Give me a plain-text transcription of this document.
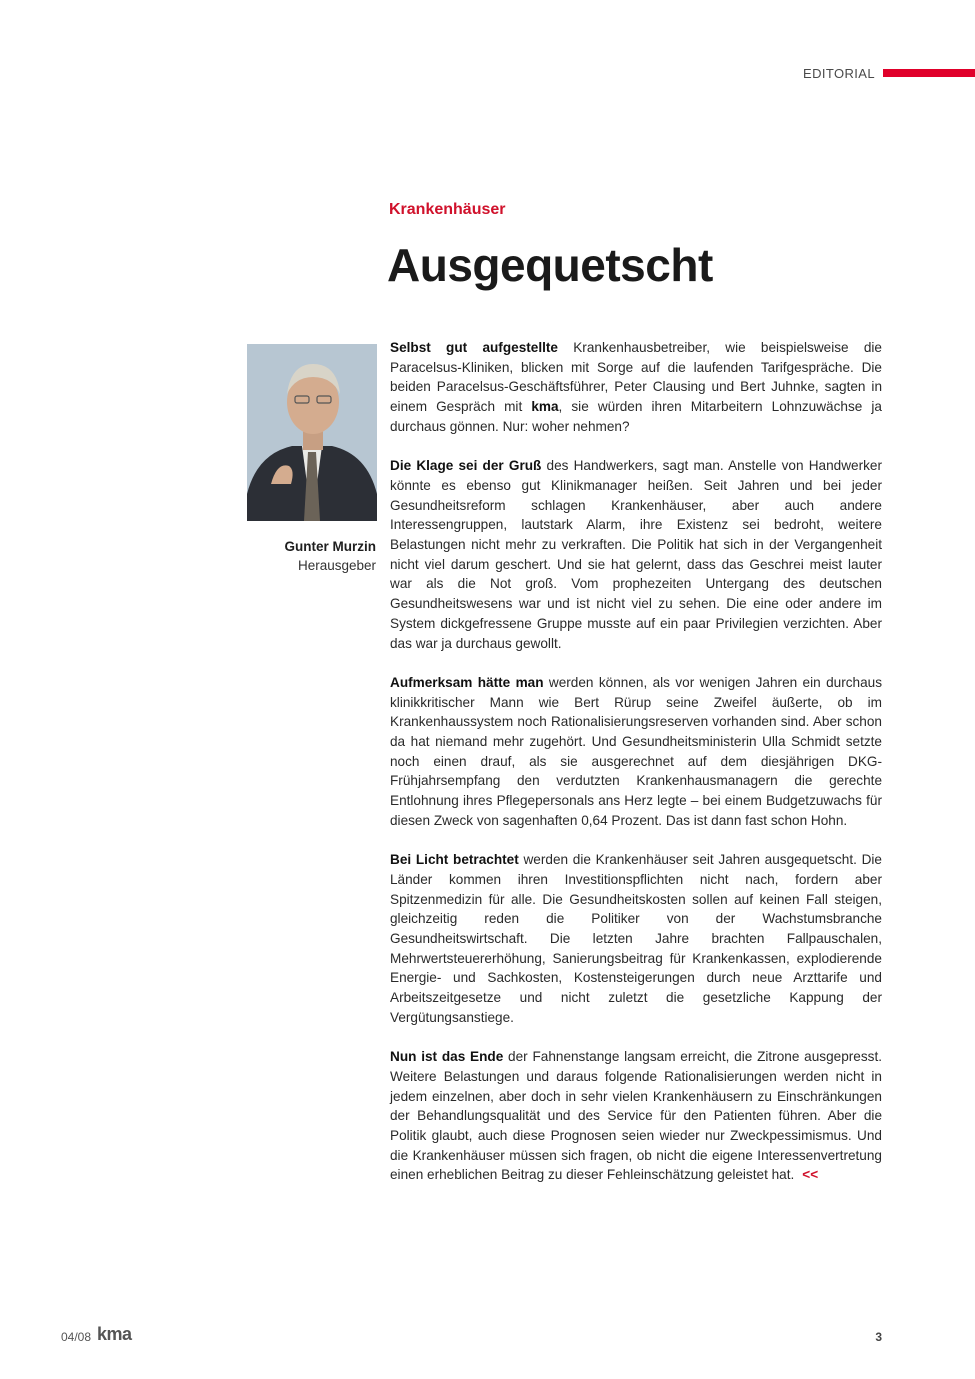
EDITORIAL
Krankenhäuser
Ausgequetscht
Gunter Murzin
Herausgeber

Selbst gut aufgestellte Krankenhausbetreiber, wie beispielsweise die Paracelsus-Kliniken, blicken mit Sorge auf die laufenden Tarifgespräche. Die beiden Paracelsus-Geschäftsführer, Peter Clausing und Bert Juhnke, sagten in einem Gespräch mit kma, sie würden ihren Mitarbeitern Lohnzuwächse ja durchaus gönnen. Nur: woher nehmen?

Die Klage sei der Gruß des Handwerkers, sagt man. Anstelle von Handwerker könnte es ebenso gut Klinikmanager heißen. Seit Jahren und bei jeder Gesundheitsreform schlagen Krankenhäuser, aber auch andere Interessengruppen, lautstark Alarm, ihre Existenz sei bedroht, weitere Belastungen nicht mehr zu verkraften. Die Politik hat sich in der Vergangenheit nicht viel darum geschert. Und sie hat gelernt, dass das Geschrei meist lauter war als die Not groß. Vom prophezeiten Untergang des deutschen Gesundheitswesens war und ist nicht viel zu sehen. Die eine oder andere im System dickgefressene Gruppe musste auf ein paar Privilegien verzichten. Aber das war ja durchaus gewollt.

Aufmerksam hätte man werden können, als vor wenigen Jahren ein durchaus klinikkritischer Mann wie Bert Rürup seine Zweifel äußerte, ob im Krankenhaussystem noch Rationalisierungsreserven vorhanden sind. Aber schon da hat niemand mehr zugehört. Und Gesundheitsministerin Ulla Schmidt setzte noch einen drauf, als sie ausgerechnet auf dem diesjährigen DKG-Frühjahrsempfang den verdutzten Krankenhausmanagern die gerechte Entlohnung ihres Pflegepersonals ans Herz legte – bei einem Budgetzuwachs für diesen Zweck von sagenhaften 0,64 Prozent. Das ist dann fast schon Hohn.

Bei Licht betrachtet werden die Krankenhäuser seit Jahren ausgequetscht. Die Länder kommen ihren Investitionspflichten nicht nach, fordern aber Spitzenmedizin für alle. Die Gesundheitskosten sollen auf keinen Fall steigen, gleichzeitig reden die Politiker von der Wachstumsbranche Gesundheitswirtschaft. Die letzten Jahre brachten Fallpauschalen, Mehrwertsteuererhöhung, Sanierungsbeitrag für Krankenkassen, explodierende Energie- und Sachkosten, Kostensteigerungen durch neue Arzttarife und Arbeitszeitgesetze und nicht zuletzt die gesetzliche Kappung der Vergütungsanstiege.

Nun ist das Ende der Fahnenstange langsam erreicht, die Zitrone ausgepresst. Weitere Belastungen und daraus folgende Rationalisierungen werden nicht in jedem einzelnen, aber doch in sehr vielen Krankenhäusern zu Einschränkungen der Behandlungsqualität und des Service für den Patienten führen. Aber die Politik glaubt, auch diese Prognosen seien wieder nur Zweckpessimismus. Und die Krankenhäuser müssen sich fragen, ob nicht die eigene Interessenvertretung einen erheblichen Beitrag zu dieser Fehleinschätzung geleistet hat. <<

04/08 kma	3
